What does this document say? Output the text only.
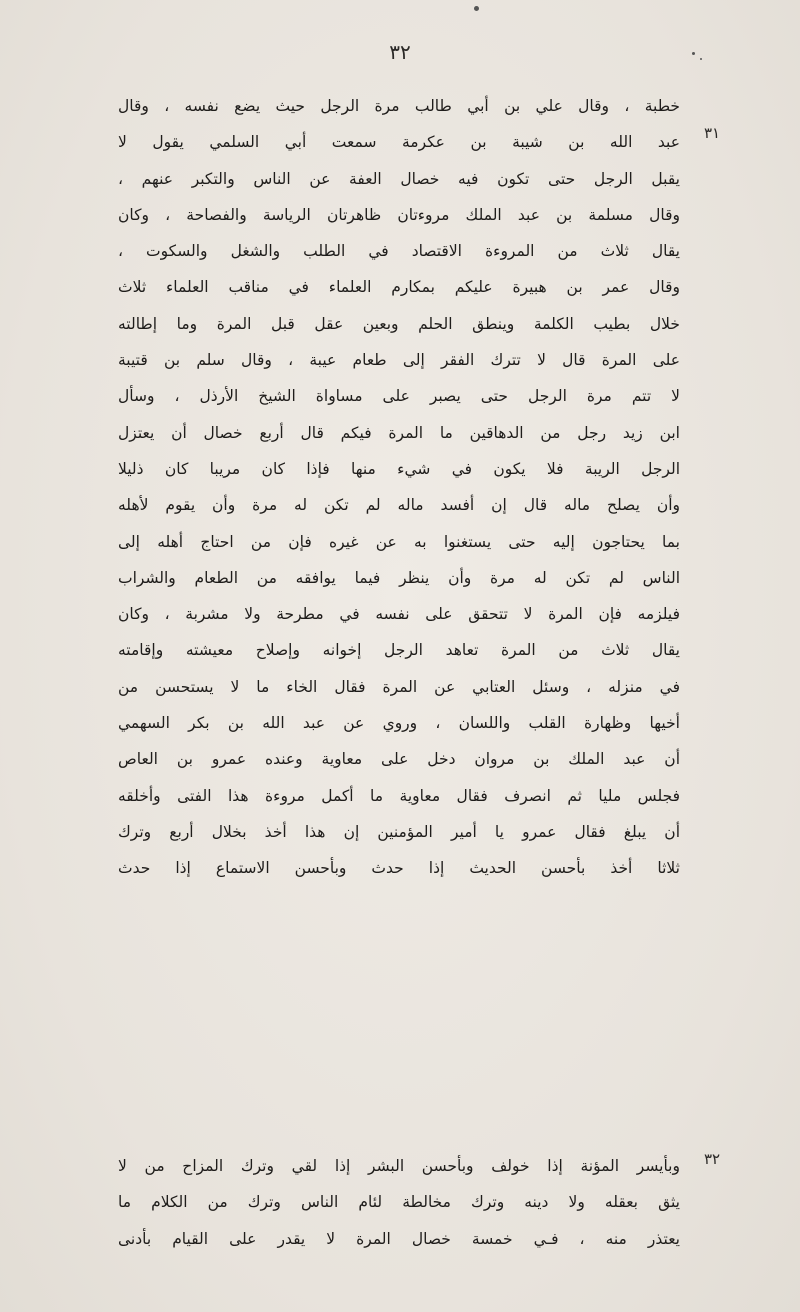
٣٢
٣١
٣٢
خطبة ، وقال علي بن أبي طالب مرة الرجل حيث يضع نفسه ، وقال
عبد الله بن شيبة بن عكرمة سمعت أبي السلمي يقول لا
يقبل الرجل حتى تكون فيه خصال العفة عن الناس والتكبر عنهم ،
وقال مسلمة بن عبد الملك مروءتان ظاهرتان الرياسة والفصاحة ، وكان
يقال ثلاث من المروءة الاقتصاد في الطلب والشغل والسكوت ،
وقال عمر بن هبيرة عليكم بمكارم العلماء في مناقب العلماء ثلاث
خلال بطيب الكلمة وينطق الحلم وبعين عقل قبل المرة وما إطالته
على المرة قال لا تترك الفقر إلى طعام عيبة ، وقال سلم بن قتيبة
لا تتم مرة الرجل حتى يصبر على مساواة الشيخ الأرذل ، وسأل
ابن زيد رجل من الدهاقين ما المرة فيكم قال أربع خصال أن يعتزل
الرجل الريبة فلا يكون في شيء منها فإذا كان مريبا كان ذليلا
وأن يصلح ماله قال إن أفسد ماله لم تكن له مرة وأن يقوم لأهله
بما يحتاجون إليه حتى يستغنوا به عن غيره فإن من احتاج أهله إلى
الناس لم تكن له مرة وأن ينظر فيما يوافقه من الطعام والشراب
فيلزمه فإن المرة لا تتحقق على نفسه في مطرحة ولا مشربة ، وكان
يقال ثلاث من المرة تعاهد الرجل إخوانه وإصلاح معيشته وإقامته
في منزله ، وسئل العتابي عن المرة فقال الخاء ما لا يستحسن من
أخيها وظهارة القلب واللسان ، وروي عن عبد الله بن بكر السهمي
أن عبد الملك بن مروان دخل على معاوية وعنده عمرو بن العاص
فجلس مليا ثم انصرف فقال معاوية ما أكمل مروءة هذا الفتى وأخلقه
أن يبلغ فقال عمرو يا أمير المؤمنين إن هذا أخذ بخلال أربع وترك
ثلاثا أخذ بأحسن الحديث إذا حدث وبأحسن الاستماع إذا حدث
وبأيسر المؤنة إذا خولف وبأحسن البشر إذا لقي وترك المزاح من لا
يثق بعقله ولا دينه وترك مخالطة لئام الناس وترك من الكلام ما
يعتذر منه ، فـي خمسة خصال المرة لا يقدر على القيام بأدنى
